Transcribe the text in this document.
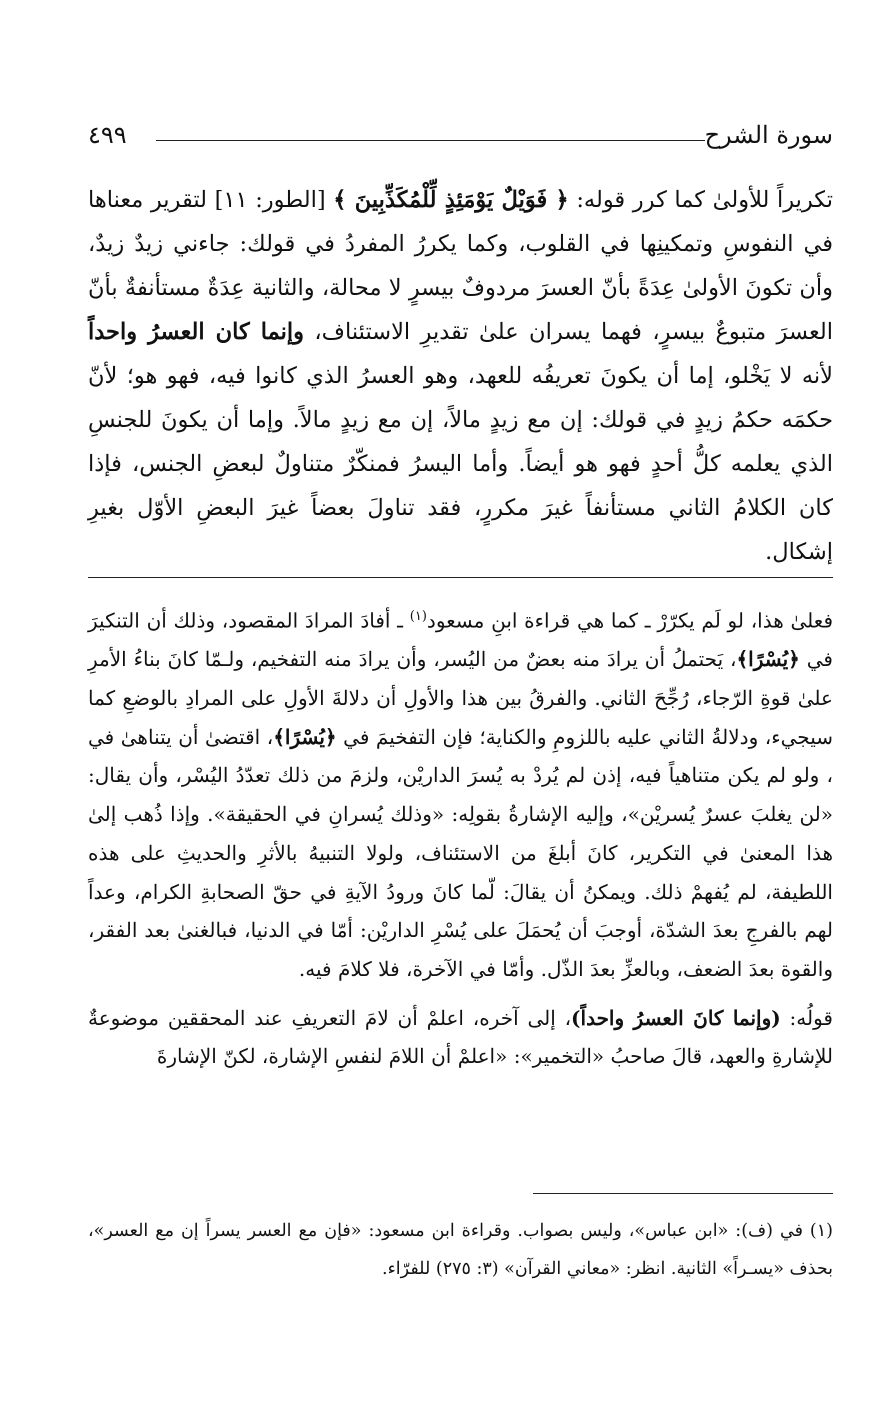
سورة الشرح
٤٩٩

تكريراً للأولىٰ كما كرر قوله: ﴿ فَوَيْلٌ يَوْمَئِذٍ لِّلْمُكَذِّبِينَ ﴾ [الطور: ١١] لتقرير معناها في النفوسِ وتمكينِها في القلوب، وكما يكررُ المفردُ في قولك: جاءني زيدٌ زيدٌ، وأن تكونَ الأولىٰ عِدَةً بأنّ العسرَ مردوفٌ بيسرٍ لا محالة، والثانية عِدَةٌ مستأنفةٌ بأنّ العسرَ متبوعٌ بيسرٍ، فهما يسران علىٰ تقديرِ الاستئناف، وإنما كان العسرُ واحداً لأنه لا يَخْلو، إما أن يكونَ تعريفُه للعهد، وهو العسرُ الذي كانوا فيه، فهو هو؛ لأنّ حكمَه حكمُ زيدٍ في قولك: إن مع زيدٍ مالاً، إن مع زيدٍ مالاً. وإما أن يكونَ للجنسِ الذي يعلمه كلُّ أحدٍ فهو هو أيضاً. وأما اليسرُ فمنكّرٌ متناولٌ لبعضِ الجنس، فإذا كان الكلامُ الثاني مستأنفاً غيرَ مكررٍ، فقد تناولَ بعضاً غيرَ البعضِ الأوّل بغيرِ إشكال.

فعلىٰ هذا، لو لَم يكرّرْ ـ كما هي قراءة ابنِ مسعود$^{(١)}$ ـ أفادَ المرادَ المقصود، وذلك أن التنكيرَ في ﴿يُسْرًا﴾، يَحتملُ أن يرادَ منه بعضٌ من اليُسر، وأن يرادَ منه التفخيم، ولـمّا كانَ بناءُ الأمرِ علىٰ قوةِ الرّجاء، رُجِّحَ الثاني. والفرقُ بين هذا والأولِ أن دلالةَ الأولِ على المرادِ بالوضعِ كما سيجيء، ودلالةُ الثاني عليه باللزومِ والكناية؛ فإن التفخيمَ في ﴿يُسْرًا﴾، اقتضىٰ أن يتناهىٰ في ، ولو لم يكن متناهياً فيه، إذن لم يُردْ به يُسرَ الداريْن، ولزمَ من ذلك تعدّدُ اليُسْر، وأن يقال: «لن يغلبَ عسرٌ يُسريْن»، وإليه الإشارةُ بقولِه: «وذلك يُسرانِ في الحقيقة». وإذا ذُهب إلىٰ هذا المعنىٰ في التكرير، كانَ أبلغَ من الاستئناف، ولولا التنبيهُ بالأثرِ والحديثِ على هذه اللطيفة، لم يُفهمْ ذلك. ويمكنُ أن يقالَ: لّما كانَ ورودُ الآيةِ في حقّ الصحابةِ الكرام، وعداً لهم بالفرجِ بعدَ الشدّة، أوجبَ أن يُحمَلَ على يُسْرِ الداريْن: أمّا في الدنيا، فبالغنىٰ بعد الفقر، والقوة بعدَ الضعف، وبالعزِّ بعدَ الذّل. وأمّا في الآخرة، فلا كلامَ فيه.

قولُه: (وإنما كانَ العسرُ واحداً)، إلى آخره، اعلمْ أن لامَ التعريفِ عند المحققين موضوعةٌ للإشارةِ والعهد، قالَ صاحبُ «التخمير»: «اعلمْ أن اللامَ لنفسِ الإشارة، لكنّ الإشارةَ

(١) في (ف): «ابن عباس»، وليس بصواب. وقراءة ابن مسعود: «فإن مع العسر يسراً إن مع العسر»، بحذف «يسـراً» الثانية. انظر: «معاني القرآن» (٣: ٢٧٥) للفرّاء.
